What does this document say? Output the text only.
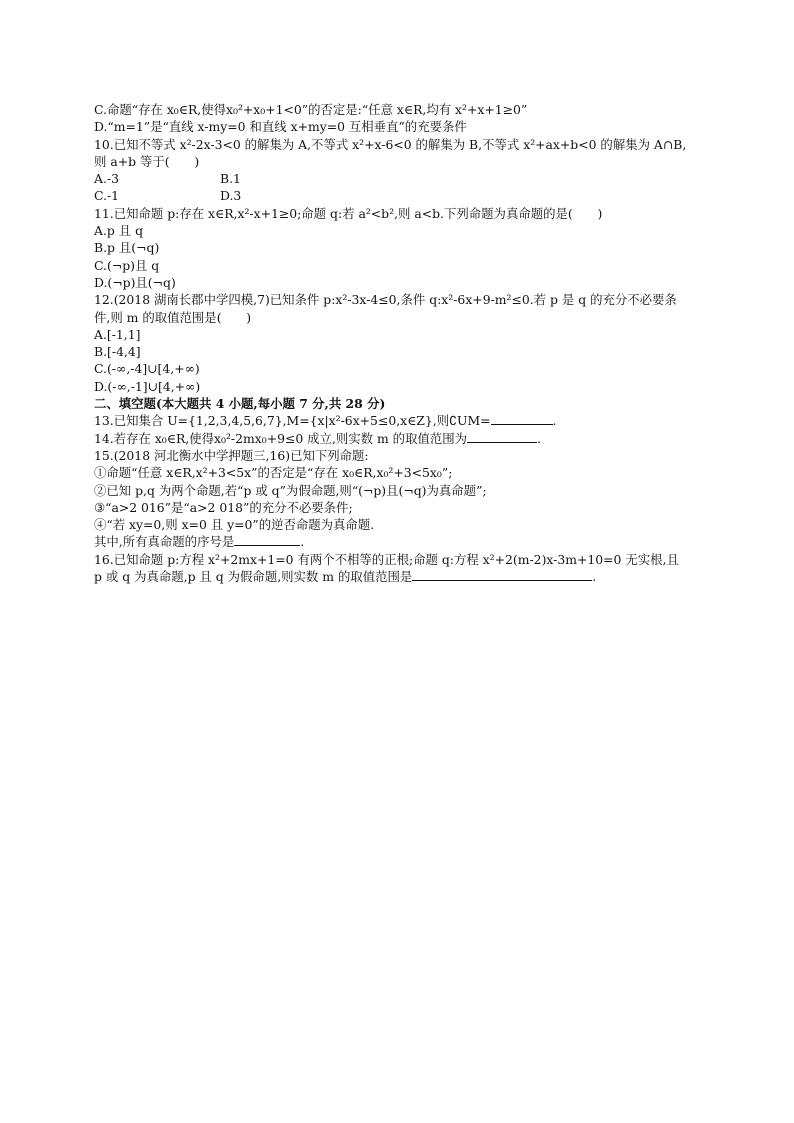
C.命题“存在 x₀∈R,使得x₀²+x₀+1<0”的否定是:“任意 x∈R,均有 x²+x+1≥0”
D.“m=1”是“直线 x-my=0 和直线 x+my=0 互相垂直”的充要条件
10.已知不等式 x²-2x-3<0 的解集为 A,不等式 x²+x-6<0 的解集为 B,不等式 x²+ax+b<0 的解集为 A∩B,
则 a+b 等于(　　)
A.-3	B.1
C.-1	D.3
11.已知命题 p:存在 x∈R,x²-x+1≥0;命题 q:若 a²<b²,则 a<b.下列命题为真命题的是(　　)
A.p 且 q
B.p 且(¬q)
C.(¬p)且 q
D.(¬p)且(¬q)
12.(2018 湖南长郡中学四模,7)已知条件 p:x²-3x-4≤0,条件 q:x²-6x+9-m²≤0.若 p 是 q 的充分不必要条
件,则 m 的取值范围是(　　)
A.[-1,1]
B.[-4,4]
C.(-∞,-4]∪[4,+∞)
D.(-∞,-1]∪[4,+∞)
二、填空题(本大题共 4 小题,每小题 7 分,共 28 分)
13.已知集合 U={1,2,3,4,5,6,7},M={x|x²-6x+5≤0,x∈Z},则∁UM=	.
14.若存在 x₀∈R,使得x₀²-2mx₀+9≤0 成立,则实数 m 的取值范围为	.
15.(2018 河北衡水中学押题三,16)已知下列命题:
①命题“任意 x∈R,x²+3<5x”的否定是“存在 x₀∈R,x₀²+3<5x₀”;
②已知 p,q 为两个命题,若“p 或 q”为假命题,则“(¬p)且(¬q)为真命题”;
③“a>2 016”是“a>2 018”的充分不必要条件;
④“若 xy=0,则 x=0 且 y=0”的逆否命题为真命题.
其中,所有真命题的序号是	.
16.已知命题 p:方程 x²+2mx+1=0 有两个不相等的正根;命题 q:方程 x²+2(m-2)x-3m+10=0 无实根,且
p 或 q 为真命题,p 且 q 为假命题,则实数 m 的取值范围是	.
